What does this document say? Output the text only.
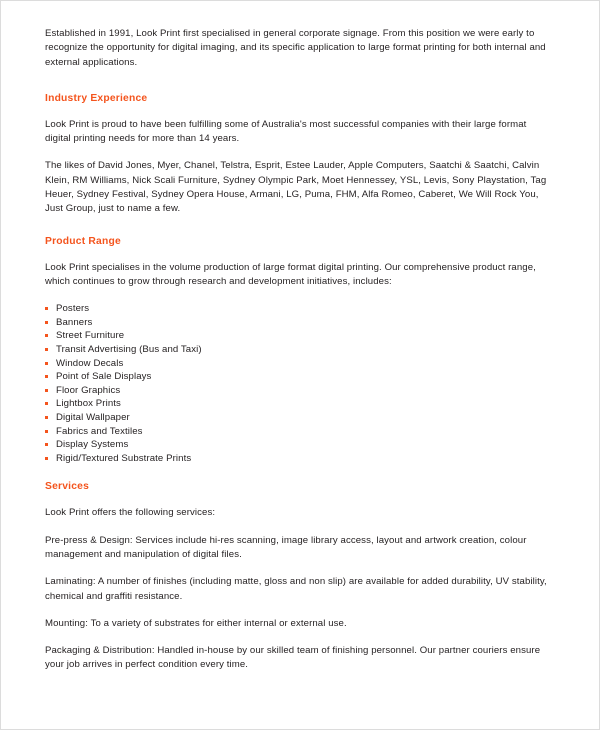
Established in 1991, Look Print first specialised in general corporate signage. From this position we were early to recognize the opportunity for digital imaging, and its specific application to large format printing for both internal and external applications.

Industry Experience

Look Print is proud to have been fulfilling some of Australia's most successful companies with their large format digital printing needs for more than 14 years.

The likes of David Jones, Myer, Chanel, Telstra, Esprit, Estee Lauder, Apple Computers, Saatchi & Saatchi, Calvin Klein, RM Williams, Nick Scali Furniture, Sydney Olympic Park, Moet Hennessey, YSL, Levis, Sony Playstation, Tag Heuer, Sydney Festival, Sydney Opera House, Armani, LG, Puma, FHM, Alfa Romeo, Caberet, We Will Rock You, Just Group, just to name a few.

Product Range

Look Print specialises in the volume production of large format digital printing. Our comprehensive product range, which continues to grow through research and development initiatives, includes:

Posters
Banners
Street Furniture
Transit Advertising (Bus and Taxi)
Window Decals
Point of Sale Displays
Floor Graphics
Lightbox Prints
Digital Wallpaper
Fabrics and Textiles
Display Systems
Rigid/Textured Substrate Prints
Services

Look Print offers the following services:

Pre-press & Design: Services include hi-res scanning, image library access, layout and artwork creation, colour management and manipulation of digital files.

Laminating: A number of finishes (including matte, gloss and non slip) are available for added durability, UV stability, chemical and graffiti resistance.

Mounting: To a variety of substrates for either internal or external use.

Packaging & Distribution: Handled in-house by our skilled team of finishing personnel. Our partner couriers ensure your job arrives in perfect condition every time.
